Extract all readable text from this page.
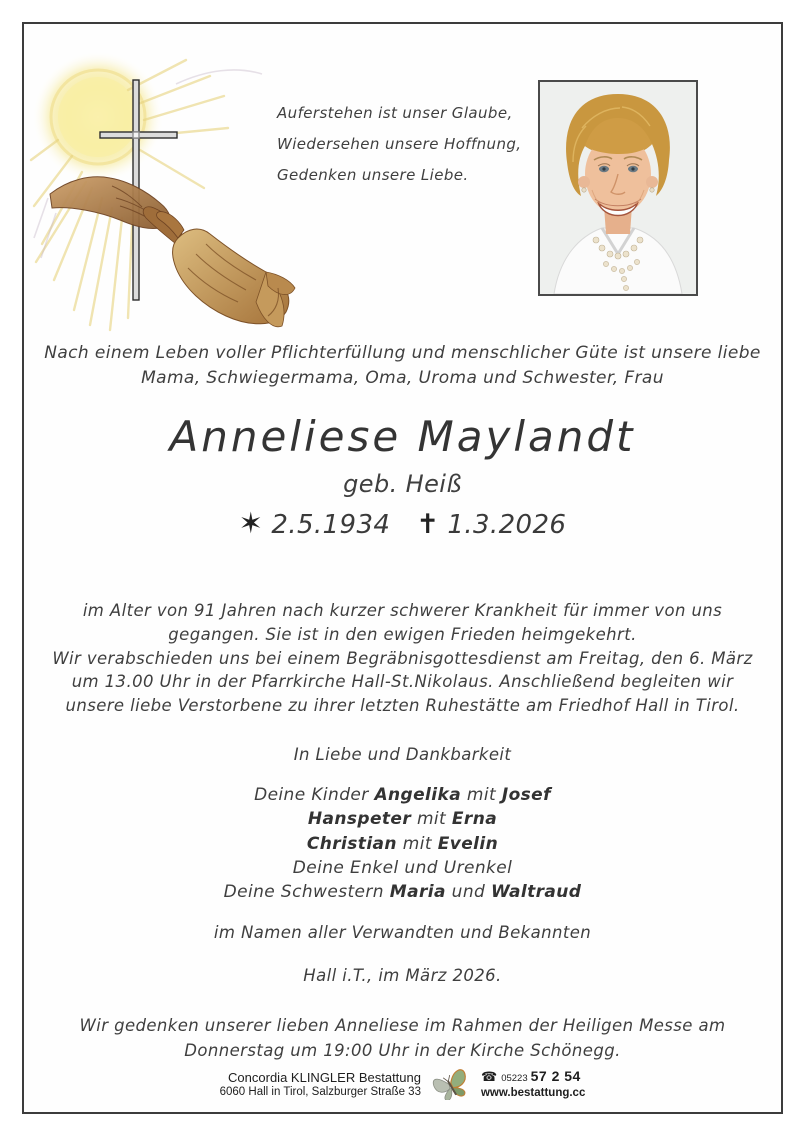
Auferstehen ist unser Glaube,
Wiedersehen unsere Hoffnung,
Gedenken unsere Liebe.
Nach einem Leben voller Pflichterfüllung und menschlicher Güte ist unsere liebe
Mama, Schwiegermama, Oma, Uroma und Schwester, Frau
Anneliese Maylandt
geb. Heiß
✶ 2.5.1934 ✝ 1.3.2026
im Alter von 91 Jahren nach kurzer schwerer Krankheit für immer von uns
gegangen. Sie ist in den ewigen Frieden heimgekehrt.
Wir verabschieden uns bei einem Begräbnisgottesdienst am Freitag, den 6. März
um 13.00 Uhr in der Pfarrkirche Hall-St.Nikolaus. Anschließend begleiten wir
unsere liebe Verstorbene zu ihrer letzten Ruhestätte am Friedhof Hall in Tirol.
In Liebe und Dankbarkeit
Deine Kinder Angelika mit Josef
Hanspeter mit Erna
Christian mit Evelin
Deine Enkel und Urenkel
Deine Schwestern Maria und Waltraud
im Namen aller Verwandten und Bekannten
Hall i.T., im März 2026.
Wir gedenken unserer lieben Anneliese im Rahmen der Heiligen Messe am
Donnerstag um 19:00 Uhr in der Kirche Schönegg.
Concordia KLINGLER Bestattung
6060 Hall in Tirol, Salzburger Straße 33
☎ 05223 57 2 54
www.bestattung.cc
